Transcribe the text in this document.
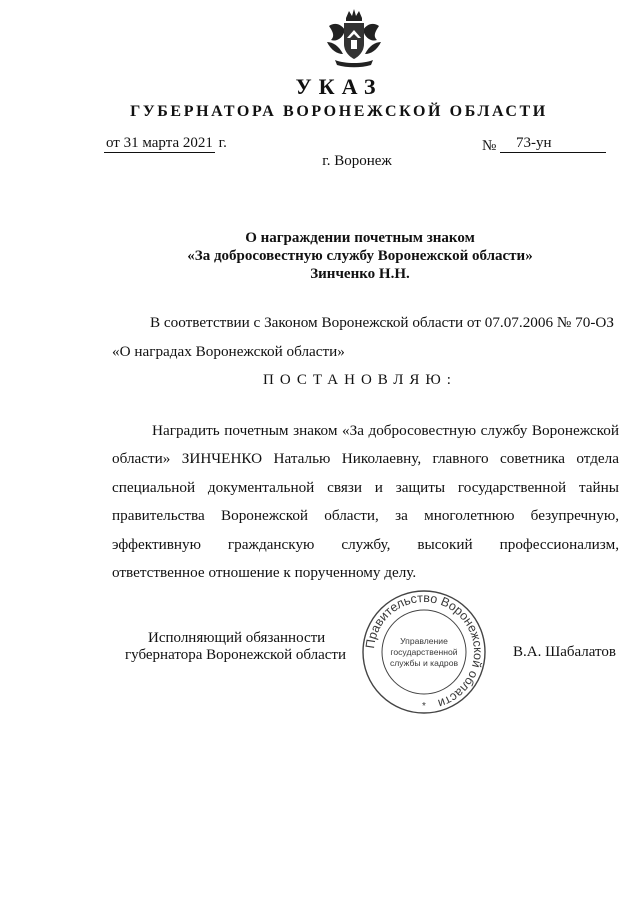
УКАЗ
ГУБЕРНАТОРА ВОРОНЕЖСКОЙ ОБЛАСТИ
от 31 марта 2021 г.	№	73-ун
г. Воронеж
О награждении почетным знаком
«За добросовестную службу Воронежской области»
Зинченко Н.Н.
В соответствии с Законом Воронежской области от 07.07.2006 № 70-ОЗ
«О наградах Воронежской области»
ПОСТАНОВЛЯЮ:
Наградить почетным знаком «За добросовестную службу Воронежской области» ЗИНЧЕНКО Наталью Николаевну, главного советника отдела специальной документальной связи и защиты государственной тайны правительства Воронежской области, за многолетнюю безупречную, эффективную гражданскую службу, высокий профессионализм, ответственное отношение к порученному делу.
Исполняющий обязанности
губернатора Воронежской области	В.А. Шабалатов
Правительство Воронежской области
Управление
государственной
службы и кадров
*
